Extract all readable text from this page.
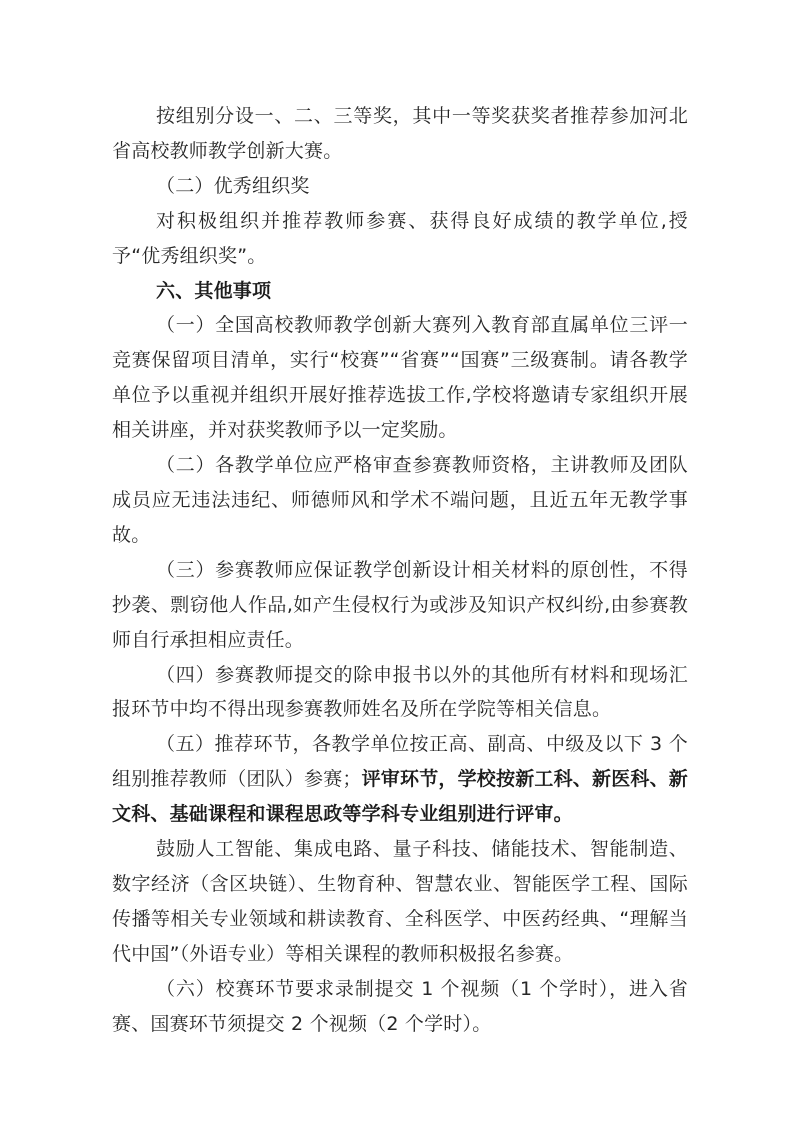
按组别分设一、二、三等奖，其中一等奖获奖者推荐参加河北省高校教师教学创新大赛。

（二）优秀组织奖

对积极组织并推荐教师参赛、获得良好成绩的教学单位,授予“优秀组织奖”。

六、其他事项

（一）全国高校教师教学创新大赛列入教育部直属单位三评一竞赛保留项目清单，实行“校赛”“省赛”“国赛”三级赛制。请各教学单位予以重视并组织开展好推荐选拔工作,学校将邀请专家组织开展相关讲座，并对获奖教师予以一定奖励。

（二）各教学单位应严格审查参赛教师资格，主讲教师及团队成员应无违法违纪、师德师风和学术不端问题，且近五年无教学事故。

（三）参赛教师应保证教学创新设计相关材料的原创性，不得抄袭、剽窃他人作品,如产生侵权行为或涉及知识产权纠纷,由参赛教师自行承担相应责任。

（四）参赛教师提交的除申报书以外的其他所有材料和现场汇报环节中均不得出现参赛教师姓名及所在学院等相关信息。

（五）推荐环节，各教学单位按正高、副高、中级及以下 3 个组别推荐教师（团队）参赛；评审环节，学校按新工科、新医科、新文科、基础课程和课程思政等学科专业组别进行评审。

鼓励人工智能、集成电路、量子科技、储能技术、智能制造、数字经济（含区块链）、生物育种、智慧农业、智能医学工程、国际传播等相关专业领域和耕读教育、全科医学、中医药经典、“理解当代中国”（外语专业）等相关课程的教师积极报名参赛。

（六）校赛环节要求录制提交 1 个视频（1 个学时），进入省赛、国赛环节须提交 2 个视频（2 个学时）。
